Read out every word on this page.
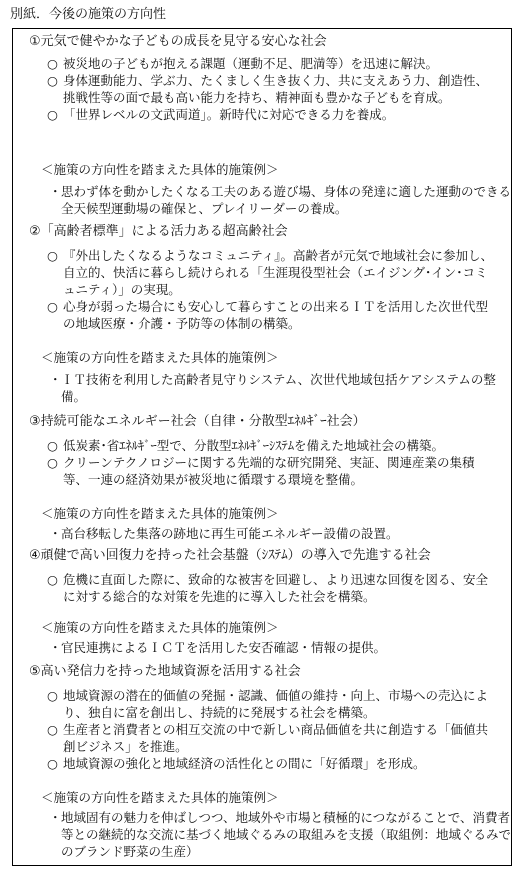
別紙．今後の施策の方向性
①元気で健やかな子どもの成長を見守る安心な社会

○ 被災地の子どもが抱える課題（運動不足、肥満等）を迅速に解決。

○ 身体運動能力、学ぶ力、たくましく生き抜く力、共に支えあう力、創造性、挑戦性等の面で最も高い能力を持ち、精神面も豊かな子どもを育成。

○ 「世界レベルの文武両道」。新時代に対応できる力を養成。

＜施策の方向性を踏まえた具体的施策例＞
・ 思わず体を動かしたくなる工夫のある遊び場、身体の発達に適した運動のできる全天候型運動場の確保と、プレイリーダーの養成。
②「高齢者標準」による活力ある超高齢社会

○ 『外出したくなるようなコミュニティ』。高齢者が元気で地域社会に参加し、自立的、快活に暮らし続けられる「生涯現役型社会（エイジング･イン･コミュニティ）」の実現。

○ 心身が弱った場合にも安心して暮らすことの出来るＩＴを活用した次世代型の地域医療・介護・予防等の体制の構築。

＜施策の方向性を踏まえた具体的施策例＞
・ ＩＴ技術を利用した高齢者見守りシステム、次世代地域包括ケアシステムの整備。
③持続可能なエネルギー社会（自律・分散型ｴﾈﾙｷﾞｰ社会）

○ 低炭素･省ｴﾈﾙｷﾞｰ型で、分散型ｴﾈﾙｷﾞｰｼｽﾃﾑを備えた地域社会の構築。

○ クリーンテクノロジーに関する先端的な研究開発、実証、関連産業の集積等、一連の経済効果が被災地に循環する環境を整備。

＜施策の方向性を踏まえた具体的施策例＞
・ 高台移転した集落の跡地に再生可能エネルギー設備の設置。
④頑健で高い回復力を持った社会基盤（ｼｽﾃﾑ）の導入で先進する社会

○ 危機に直面した際に、致命的な被害を回避し、より迅速な回復を図る、安全に対する総合的な対策を先進的に導入した社会を構築。

＜施策の方向性を踏まえた具体的施策例＞
・ 官民連携によるＩＣＴを活用した安否確認・情報の提供。
⑤高い発信力を持った地域資源を活用する社会

○ 地域資源の潜在的価値の発掘・認識、価値の維持・向上、市場への売込により、独自に富を創出し、持続的に発展する社会を構築。

○ 生産者と消費者との相互交流の中で新しい商品価値を共に創造する「価値共創ビジネス」を推進。

○ 地域資源の強化と地域経済の活性化との間に「好循環」を形成。

＜施策の方向性を踏まえた具体的施策例＞
・ 地域固有の魅力を伸ばしつつ、地域外や市場と積極的につながることで、消費者等との継続的な交流に基づく地域ぐるみの取組みを支援（取組例：地域ぐるみでのブランド野菜の生産）
